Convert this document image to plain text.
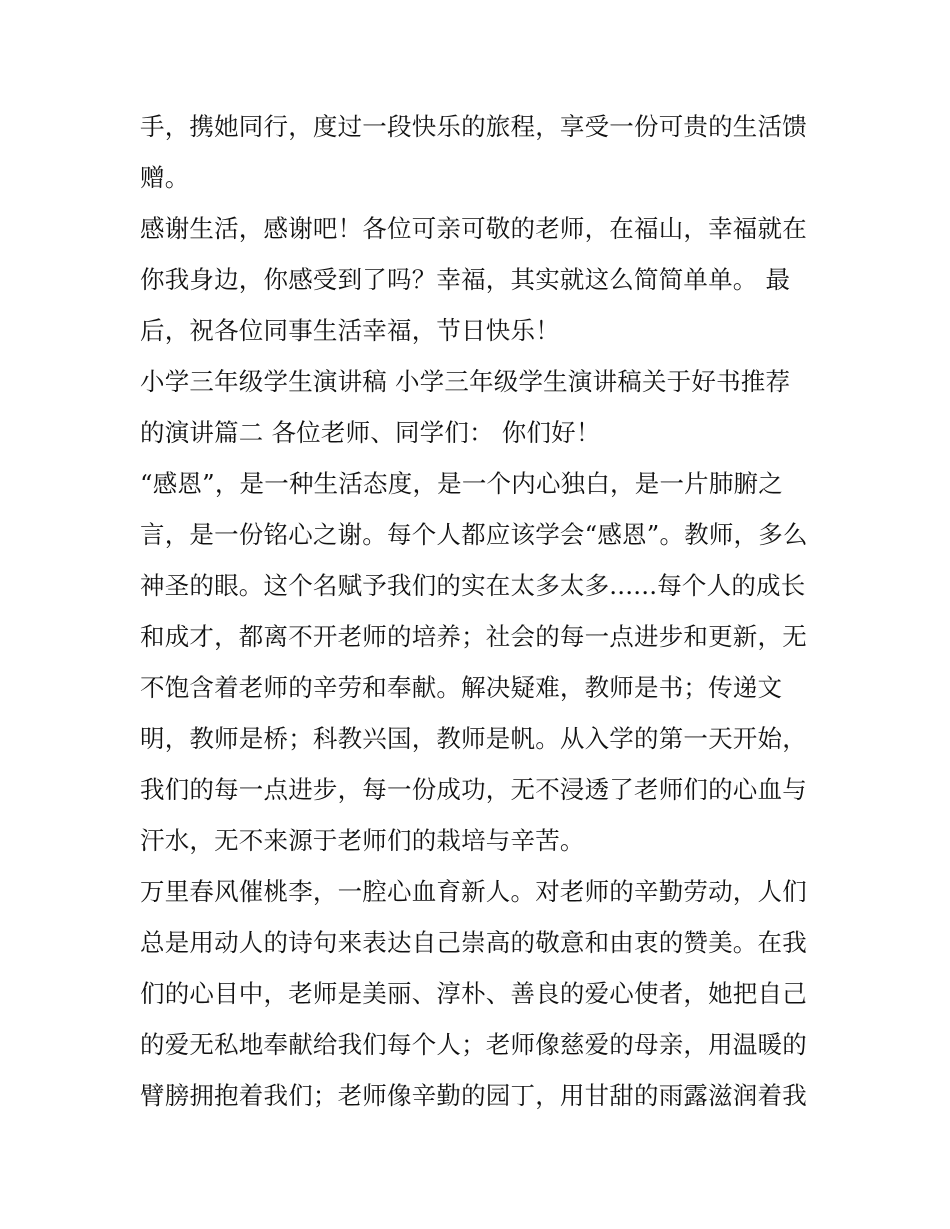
手，携她同行，度过一段快乐的旅程，享受一份可贵的生活馈
赠。
感谢生活，感谢吧！各位可亲可敬的老师，在福山，幸福就在
你我身边，你感受到了吗？幸福，其实就这么简简单单。 最
后，祝各位同事生活幸福，节日快乐！
小学三年级学生演讲稿 小学三年级学生演讲稿关于好书推荐
的演讲篇二 各位老师、同学们： 你们好！
“感恩”，是一种生活态度，是一个内心独白，是一片肺腑之
言，是一份铭心之谢。每个人都应该学会“感恩”。教师，多么
神圣的眼。这个名赋予我们的实在太多太多......每个人的成长
和成才，都离不开老师的培养；社会的每一点进步和更新，无
不饱含着老师的辛劳和奉献。解决疑难，教师是书；传递文
明，教师是桥；科教兴国，教师是帆。从入学的第一天开始，
我们的每一点进步，每一份成功，无不浸透了老师们的心血与
汗水，无不来源于老师们的栽培与辛苦。
万里春风催桃李，一腔心血育新人。对老师的辛勤劳动，人们
总是用动人的诗句来表达自己崇高的敬意和由衷的赞美。在我
们的心目中，老师是美丽、淳朴、善良的爱心使者，她把自己
的爱无私地奉献给我们每个人；老师像慈爱的母亲，用温暖的
臂膀拥抱着我们；老师像辛勤的园丁，用甘甜的雨露滋润着我
